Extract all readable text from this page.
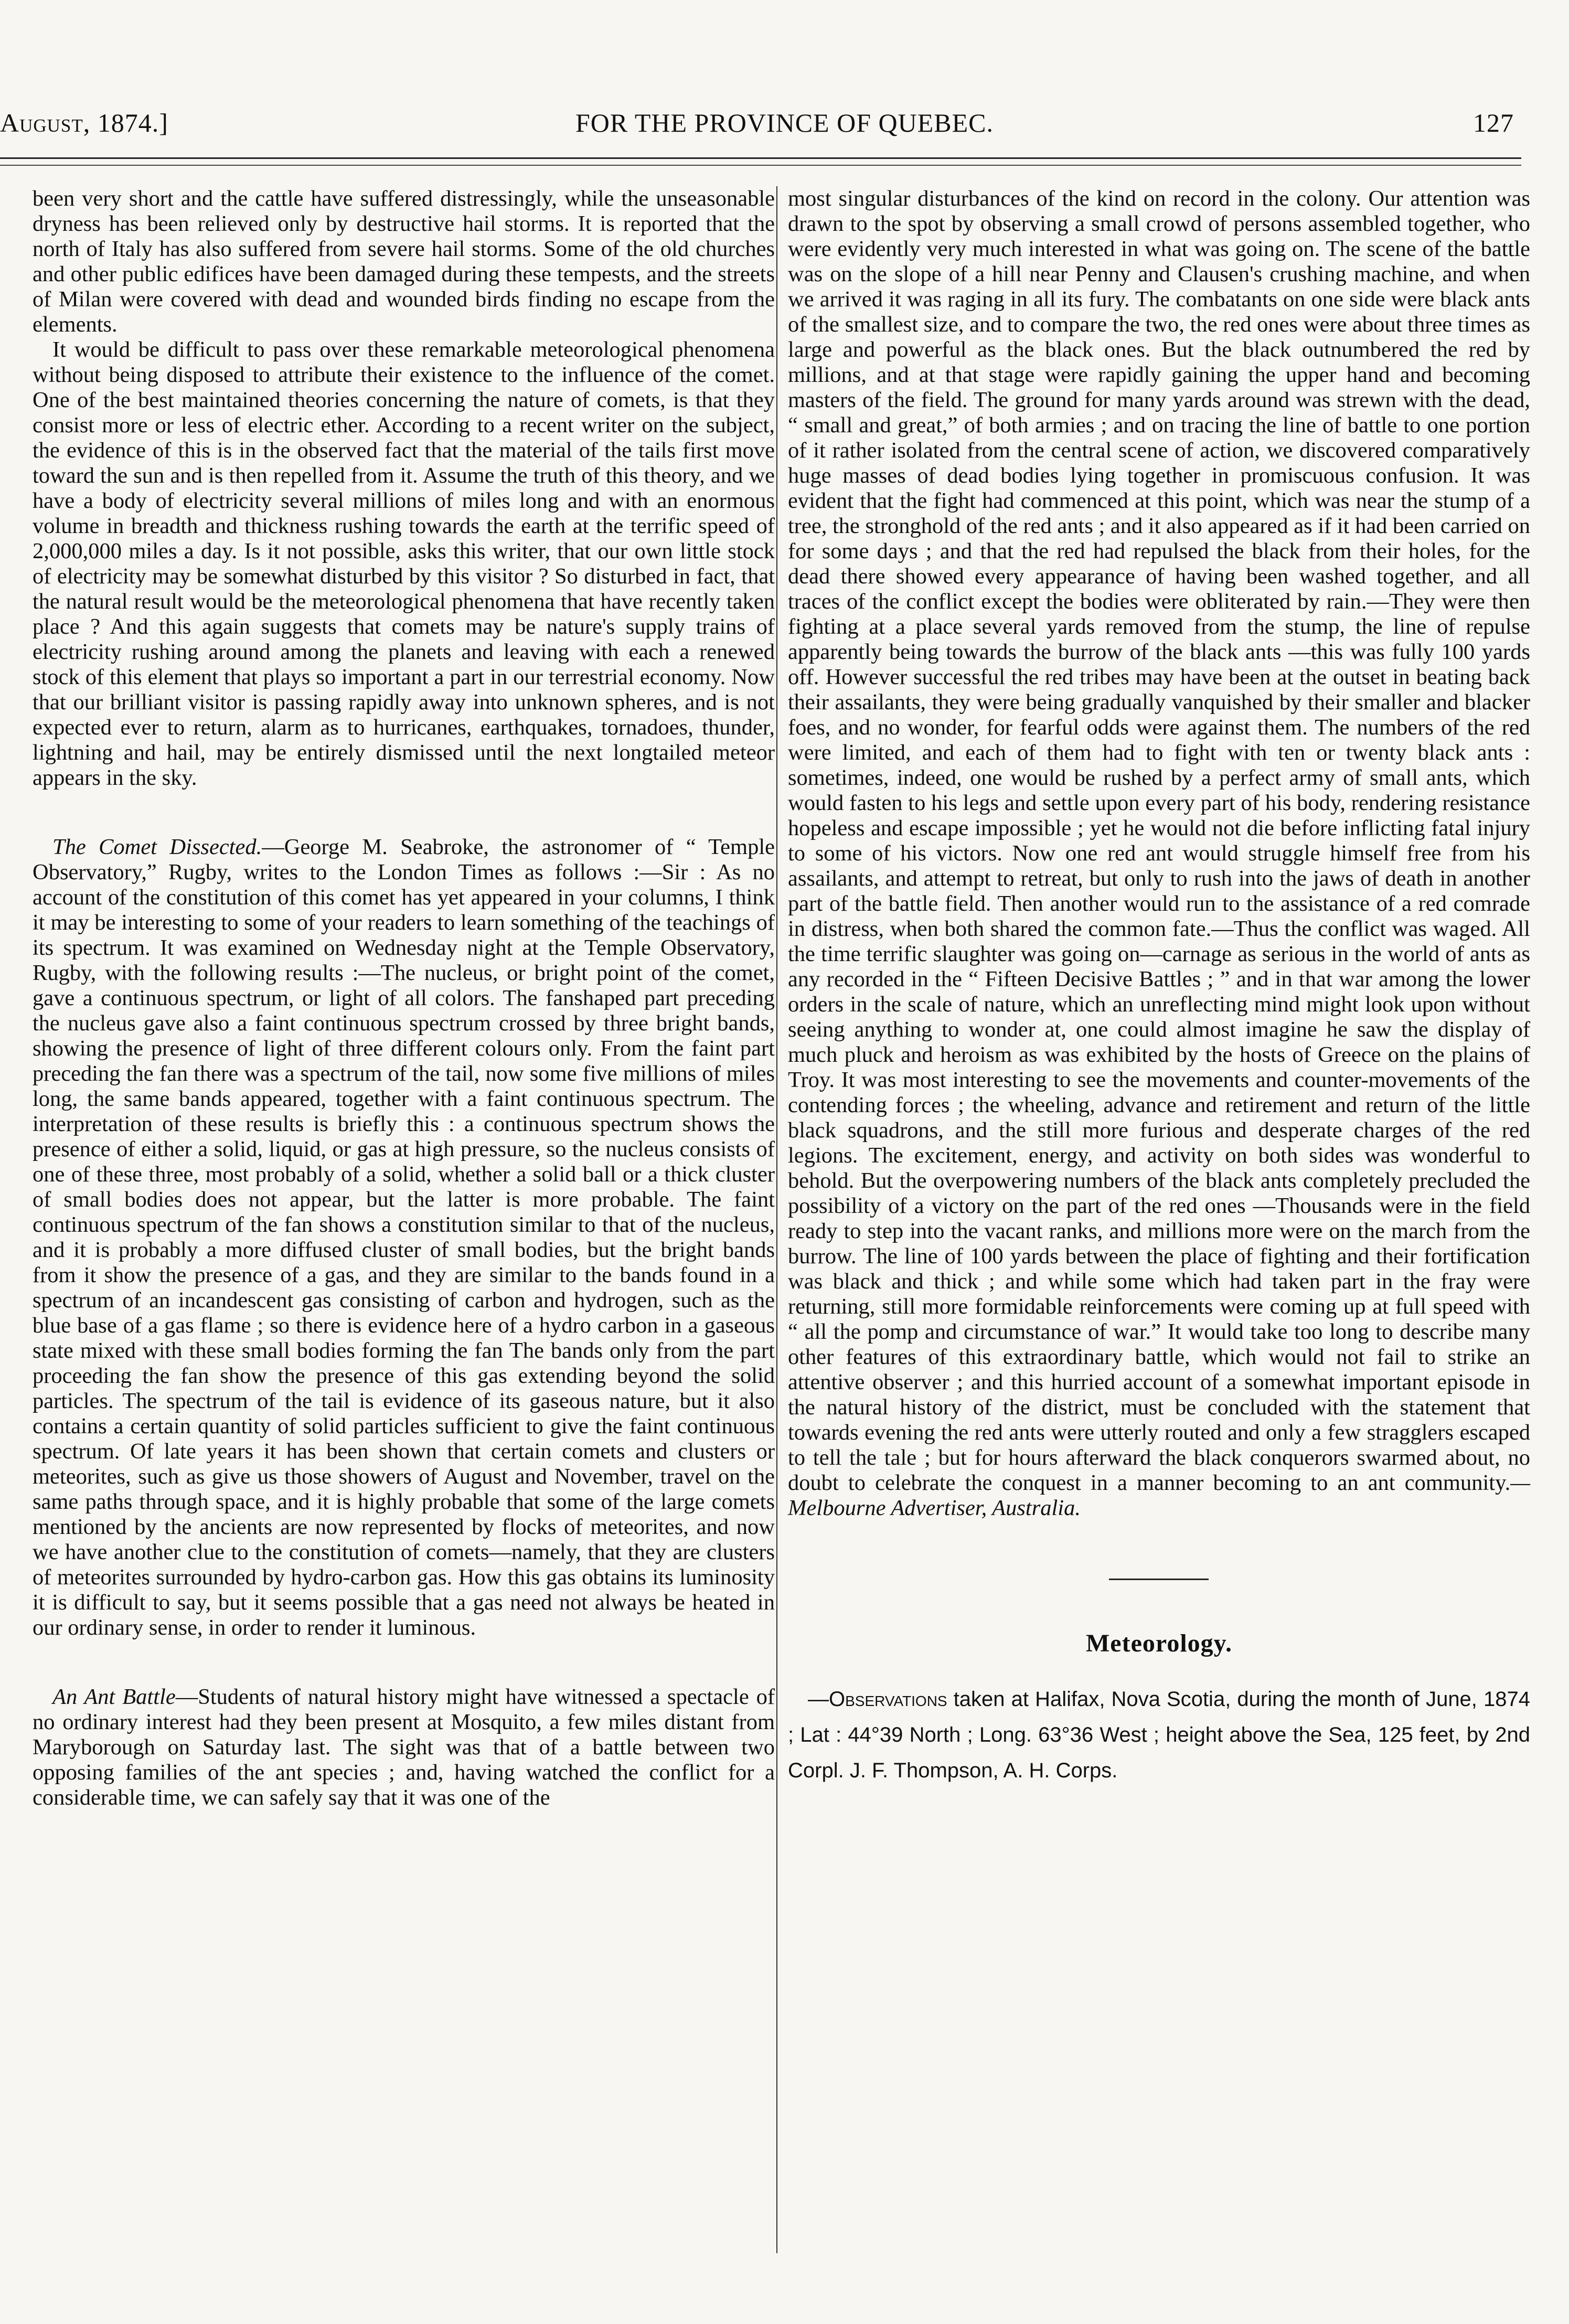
August, 1874.]	FOR THE PROVINCE OF QUEBEC.	127

been very short and the cattle have suffered distressingly, while the unseasonable dryness has been relieved only by destructive hail storms. It is reported that the north of Italy has also suffered from severe hail storms. Some of the old churches and other public edifices have been damaged during these tempests, and the streets of Milan were covered with dead and wounded birds finding no escape from the elements.

It would be difficult to pass over these remarkable meteorological phenomena without being disposed to attribute their existence to the influence of the comet. One of the best maintained theories concerning the nature of comets, is that they consist more or less of electric ether. According to a recent writer on the subject, the evidence of this is in the observed fact that the material of the tails first move toward the sun and is then repelled from it. Assume the truth of this theory, and we have a body of electricity several millions of miles long and with an enormous volume in breadth and thickness rushing towards the earth at the terrific speed of 2,000,000 miles a day. Is it not possible, asks this writer, that our own little stock of electricity may be somewhat disturbed by this visitor ? So disturbed in fact, that the natural result would be the meteorological phenomena that have recently taken place ? And this again suggests that comets may be nature's supply trains of electricity rushing around among the planets and leaving with each a renewed stock of this element that plays so important a part in our terrestrial economy. Now that our brilliant visitor is passing rapidly away into unknown spheres, and is not expected ever to return, alarm as to hurricanes, earthquakes, tornadoes, thunder, lightning and hail, may be entirely dismissed until the next longtailed meteor appears in the sky.

The Comet Dissected.—George M. Seabroke, the astronomer of “ Temple Observatory,” Rugby, writes to the London Times as follows :—Sir : As no account of the constitution of this comet has yet appeared in your columns, I think it may be interesting to some of your readers to learn something of the teachings of its spectrum. It was examined on Wednesday night at the Temple Observatory, Rugby, with the following results :—The nucleus, or bright point of the comet, gave a continuous spectrum, or light of all colors. The fanshaped part preceding the nucleus gave also a faint continuous spectrum crossed by three bright bands, showing the presence of light of three different colours only. From the faint part preceding the fan there was a spectrum of the tail, now some five millions of miles long, the same bands appeared, together with a faint continuous spectrum. The interpretation of these results is briefly this : a continuous spectrum shows the presence of either a solid, liquid, or gas at high pressure, so the nucleus consists of one of these three, most probably of a solid, whether a solid ball or a thick cluster of small bodies does not appear, but the latter is more probable. The faint continuous spectrum of the fan shows a constitution similar to that of the nucleus, and it is probably a more diffused cluster of small bodies, but the bright bands from it show the presence of a gas, and they are similar to the bands found in a spectrum of an incandescent gas consisting of carbon and hydrogen, such as the blue base of a gas flame ; so there is evidence here of a hydro carbon in a gaseous state mixed with these small bodies forming the fan The bands only from the part proceeding the fan show the presence of this gas extending beyond the solid particles. The spectrum of the tail is evidence of its gaseous nature, but it also contains a certain quantity of solid particles sufficient to give the faint continuous spectrum. Of late years it has been shown that certain comets and clusters or meteorites, such as give us those showers of August and November, travel on the same paths through space, and it is highly probable that some of the large comets mentioned by the ancients are now represented by flocks of meteorites, and now we have another clue to the constitution of comets—namely, that they are clusters of meteorites surrounded by hydro-carbon gas. How this gas obtains its luminosity it is difficult to say, but it seems possible that a gas need not always be heated in our ordinary sense, in order to render it luminous.

An Ant Battle—Students of natural history might have witnessed a spectacle of no ordinary interest had they been present at Mosquito, a few miles distant from Maryborough on Saturday last. The sight was that of a battle between two opposing families of the ant species ; and, having watched the conflict for a considerable time, we can safely say that it was one of the

most singular disturbances of the kind on record in the colony. Our attention was drawn to the spot by observing a small crowd of persons assembled together, who were evidently very much interested in what was going on. The scene of the battle was on the slope of a hill near Penny and Clausen's crushing machine, and when we arrived it was raging in all its fury. The combatants on one side were black ants of the smallest size, and to compare the two, the red ones were about three times as large and powerful as the black ones. But the black outnumbered the red by millions, and at that stage were rapidly gaining the upper hand and becoming masters of the field. The ground for many yards around was strewn with the dead, “ small and great,” of both armies ; and on tracing the line of battle to one portion of it rather isolated from the central scene of action, we discovered comparatively huge masses of dead bodies lying together in promiscuous confusion. It was evident that the fight had commenced at this point, which was near the stump of a tree, the stronghold of the red ants ; and it also appeared as if it had been carried on for some days ; and that the red had repulsed the black from their holes, for the dead there showed every appearance of having been washed together, and all traces of the conflict except the bodies were obliterated by rain.—They were then fighting at a place several yards removed from the stump, the line of repulse apparently being towards the burrow of the black ants —this was fully 100 yards off. However successful the red tribes may have been at the outset in beating back their assailants, they were being gradually vanquished by their smaller and blacker foes, and no wonder, for fearful odds were against them. The numbers of the red were limited, and each of them had to fight with ten or twenty black ants : sometimes, indeed, one would be rushed by a perfect army of small ants, which would fasten to his legs and settle upon every part of his body, rendering resistance hopeless and escape impossible ; yet he would not die before inflicting fatal injury to some of his victors. Now one red ant would struggle himself free from his assailants, and attempt to retreat, but only to rush into the jaws of death in another part of the battle field. Then another would run to the assistance of a red comrade in distress, when both shared the common fate.—Thus the conflict was waged. All the time terrific slaughter was going on—carnage as serious in the world of ants as any recorded in the “ Fifteen Decisive Battles ; ” and in that war among the lower orders in the scale of nature, which an unreflecting mind might look upon without seeing anything to wonder at, one could almost imagine he saw the display of much pluck and heroism as was exhibited by the hosts of Greece on the plains of Troy. It was most interesting to see the movements and counter-movements of the contending forces ; the wheeling, advance and retirement and return of the little black squadrons, and the still more furious and desperate charges of the red legions. The excitement, energy, and activity on both sides was wonderful to behold. But the overpowering numbers of the black ants completely precluded the possibility of a victory on the part of the red ones —Thousands were in the field ready to step into the vacant ranks, and millions more were on the march from the burrow. The line of 100 yards between the place of fighting and their fortification was black and thick ; and while some which had taken part in the fray were returning, still more formidable reinforcements were coming up at full speed with “ all the pomp and circumstance of war.” It would take too long to describe many other features of this extraordinary battle, which would not fail to strike an attentive observer ; and this hurried account of a somewhat important episode in the natural history of the district, must be concluded with the statement that towards evening the red ants were utterly routed and only a few stragglers escaped to tell the tale ; but for hours afterward the black conquerors swarmed about, no doubt to celebrate the conquest in a manner becoming to an ant community.—Melbourne Advertiser, Australia.

Meteorology.

—Observations taken at Halifax, Nova Scotia, during the month of June, 1874 ; Lat : 44°39 North ; Long. 63°36 West ; height above the Sea, 125 feet, by 2nd Corpl. J. F. Thompson, A. H. Corps.
